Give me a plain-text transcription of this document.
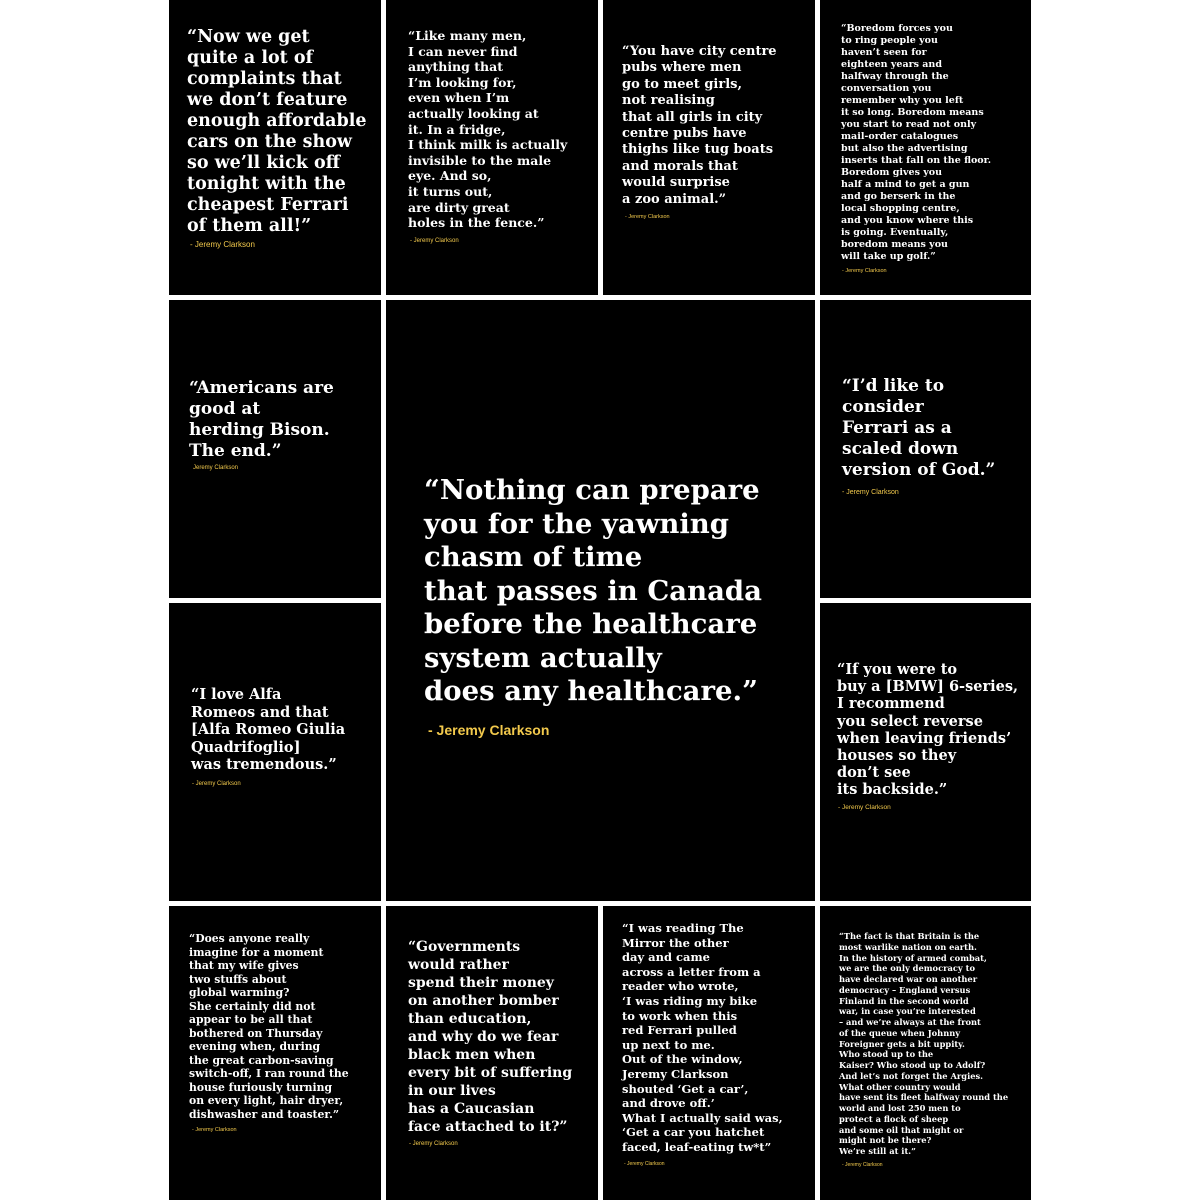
“Now we get
quite a lot of
complaints that
we don’t feature
enough affordable
cars on the show
so we’ll kick off
tonight with the
cheapest Ferrari
of them all!”

- Jeremy Clarkson

“Like many men,
I can never find
anything that
I’m looking for,
even when I’m
actually looking at
it. In a fridge,
I think milk is actually
invisible to the male
eye. And so,
it turns out,
are dirty great
holes in the fence.”

- Jeremy Clarkson

“You have city centre
pubs where men
go to meet girls,
not realising
that all girls in city
centre pubs have
thighs like tug boats
and morals that
would surprise
a zoo animal.”

- Jeremy Clarkson

“Boredom forces you
to ring people you
haven’t seen for
eighteen years and
halfway through the
conversation you
remember why you left
it so long. Boredom means
you start to read not only
mail-order catalogues
but also the advertising
inserts that fall on the floor.
Boredom gives you
half a mind to get a gun
and go berserk in the
local shopping centre,
and you know where this
is going. Eventually,
boredom means you
will take up golf.”

- Jeremy Clarkson

“Americans are
good at
herding Bison.
The end.”

Jeremy Clarkson

“Nothing can prepare
you for the yawning
chasm of time
that passes in Canada
before the healthcare
system actually
does any healthcare.”

- Jeremy Clarkson

“I’d like to
consider
Ferrari as a
scaled down
version of God.”

- Jeremy Clarkson

“I love Alfa
Romeos and that
[Alfa Romeo Giulia
Quadrifoglio]
was tremendous.”

- Jeremy Clarkson

“If you were to
buy a [BMW] 6-series,
I recommend
you select reverse
when leaving friends’
houses so they
don’t see
its backside.”

- Jeremy Clarkson

“Does anyone really
imagine for a moment
that my wife gives
two stuffs about
global warming?
She certainly did not
appear to be all that
bothered on Thursday
evening when, during
the great carbon-saving
switch-off, I ran round the
house furiously turning
on every light, hair dryer,
dishwasher and toaster.”

- Jeremy Clarkson

“Governments
would rather
spend their money
on another bomber
than education,
and why do we fear
black men when
every bit of suffering
in our lives
has a Caucasian
face attached to it?”

- Jeremy Clarkson

“I was reading The
Mirror the other
day and came
across a letter from a
reader who wrote,
‘I was riding my bike
to work when this
red Ferrari pulled
up next to me.
Out of the window,
Jeremy Clarkson
shouted ‘Get a car’,
and drove off.’
What I actually said was,
‘Get a car you hatchet
faced, leaf-eating tw*t”

- Jeremy Clarkson

“The fact is that Britain is the
most warlike nation on earth.
In the history of armed combat,
we are the only democracy to
have declared war on another
democracy – England versus
Finland in the second world
war, in case you’re interested
– and we’re always at the front
of the queue when Johnny
Foreigner gets a bit uppity.
Who stood up to the
Kaiser? Who stood up to Adolf?
And let’s not forget the Argies.
What other country would
have sent its fleet halfway round the
world and lost 250 men to
protect a flock of sheep
and some oil that might or
might not be there?
We’re still at it.”

- Jeremy Clarkson
